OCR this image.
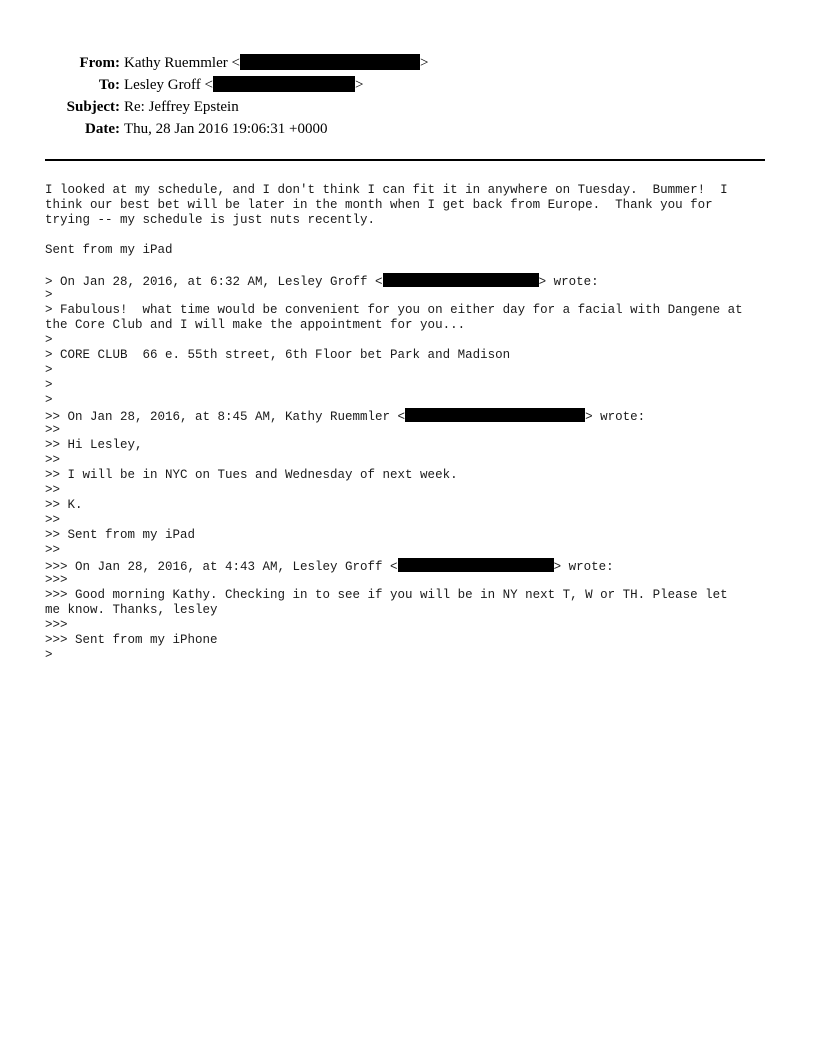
From: Kathy Ruemmler <	>
To: Lesley Groff <	>
Subject: Re: Jeffrey Epstein
Date: Thu, 28 Jan 2016 19:06:31 +0000
I looked at my schedule, and I don't think I can fit it in anywhere on Tuesday.  Bummer!  I
think our best bet will be later in the month when I get back from Europe.  Thank you for
trying -- my schedule is just nuts recently.
Sent from my iPad
> On Jan 28, 2016, at 6:32 AM, Lesley Groff <	> wrote:
>
> Fabulous!  what time would be convenient for you on either day for a facial with Dangene at
the Core Club and I will make the appointment for you...
>
> CORE CLUB  66 e. 55th street, 6th Floor bet Park and Madison
>
>
>
>> On Jan 28, 2016, at 8:45 AM, Kathy Ruemmler <	> wrote:
>>
>> Hi Lesley,
>>
>> I will be in NYC on Tues and Wednesday of next week.
>>
>> K.
>>
>> Sent from my iPad
>>
>>> On Jan 28, 2016, at 4:43 AM, Lesley Groff <	> wrote:
>>>
>>> Good morning Kathy. Checking in to see if you will be in NY next T, W or TH. Please let
me know. Thanks, lesley
>>>
>>> Sent from my iPhone
>
